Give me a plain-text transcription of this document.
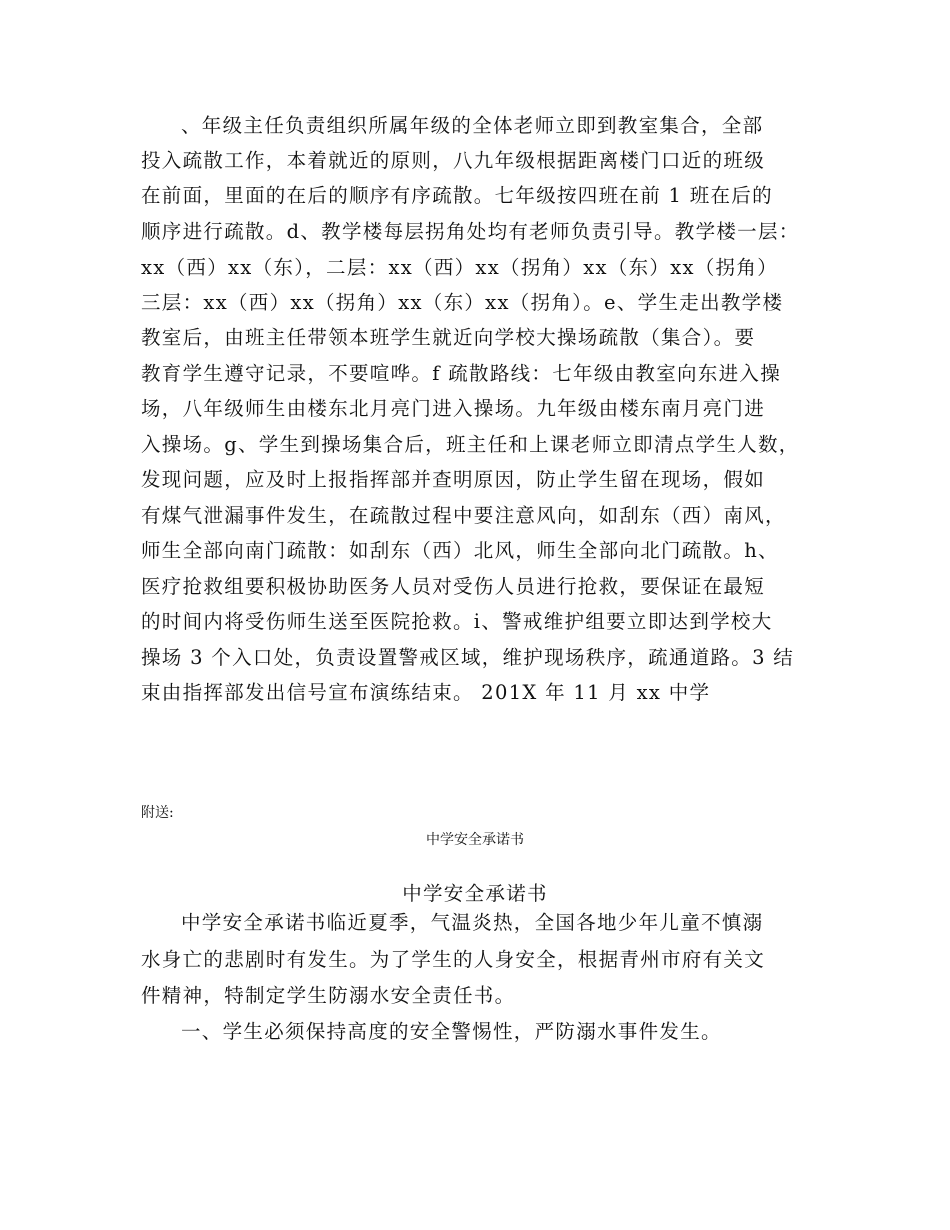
、年级主任负责组织所属年级的全体老师立即到教室集合，全部
投入疏散工作，本着就近的原则，八九年级根据距离楼门口近的班级
在前面，里面的在后的顺序有序疏散。七年级按四班在前 1 班在后的
顺序进行疏散。d、教学楼每层拐角处均有老师负责引导。教学楼一层：
xx（西）xx（东），二层：xx（西）xx（拐角）xx（东）xx（拐角）
三层：xx（西）xx（拐角）xx（东）xx（拐角）。e、学生走出教学楼
教室后，由班主任带领本班学生就近向学校大操场疏散（集合）。要
教育学生遵守记录，不要喧哗。f 疏散路线：七年级由教室向东进入操
场，八年级师生由楼东北月亮门进入操场。九年级由楼东南月亮门进
入操场。g、学生到操场集合后，班主任和上课老师立即清点学生人数，
发现问题，应及时上报指挥部并查明原因，防止学生留在现场，假如
有煤气泄漏事件发生，在疏散过程中要注意风向，如刮东（西）南风，
师生全部向南门疏散：如刮东（西）北风，师生全部向北门疏散。h、
医疗抢救组要积极协助医务人员对受伤人员进行抢救，要保证在最短
的时间内将受伤师生送至医院抢救。i、警戒维护组要立即达到学校大
操场 3 个入口处，负责设置警戒区域，维护现场秩序，疏通道路。3 结
束由指挥部发出信号宣布演练结束。 201X 年 11 月 xx 中学
附送:
中学安全承诺书
中学安全承诺书
中学安全承诺书临近夏季，气温炎热，全国各地少年儿童不慎溺
水身亡的悲剧时有发生。为了学生的人身安全，根据青州市府有关文
件精神，特制定学生防溺水安全责任书。
一、学生必须保持高度的安全警惕性，严防溺水事件发生。
